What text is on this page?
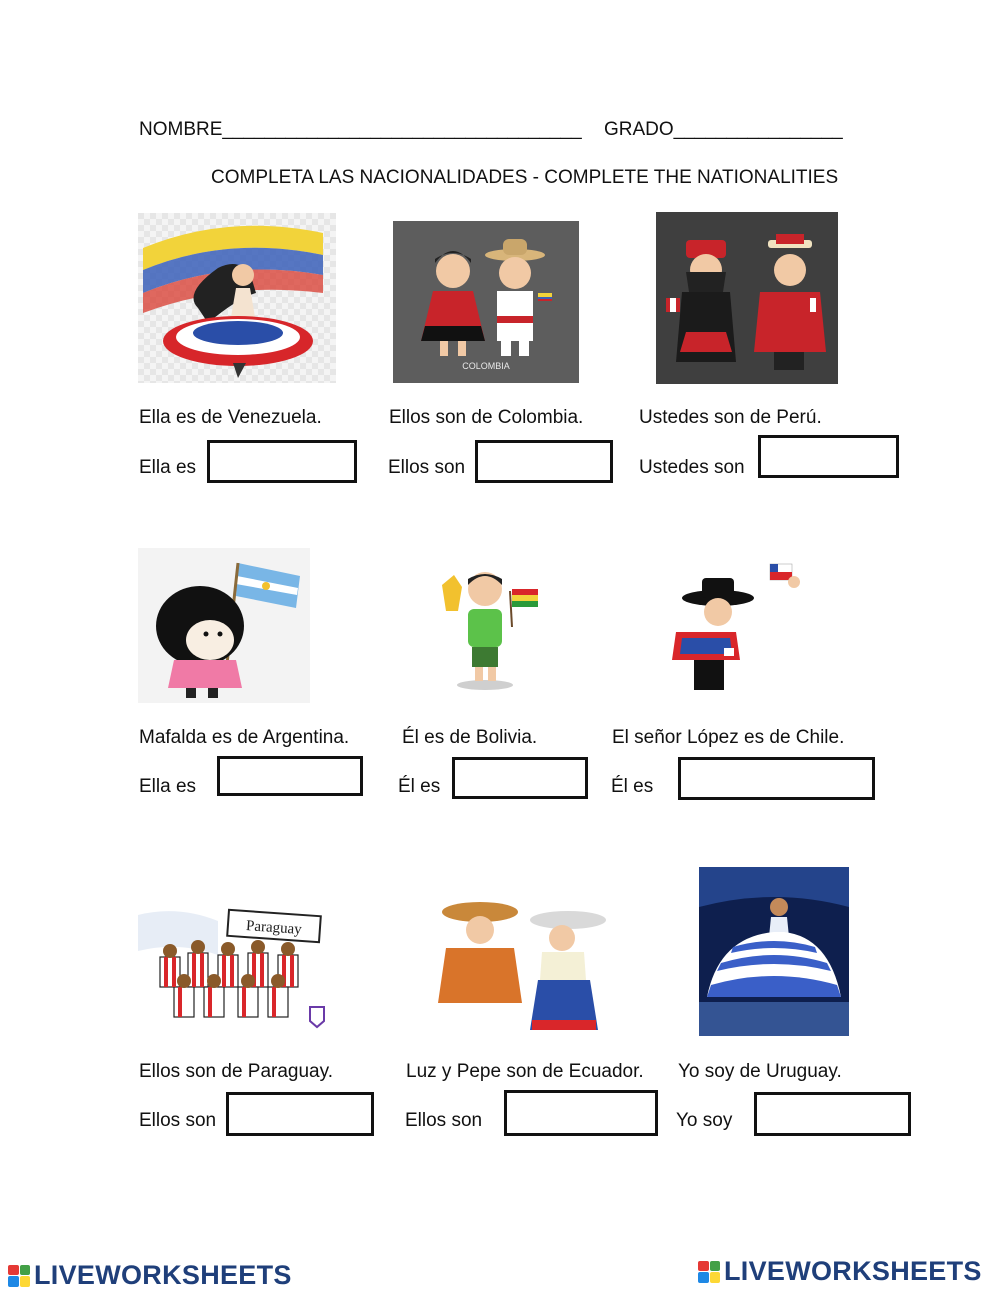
NOMBRE__________________________________ GRADO________________
COMPLETA LAS NACIONALIDADES - COMPLETE THE NATIONALITIES
COLOMBIA
Ella es de Venezuela.	Ellos son de Colombia.	Ustedes son de Perú.
Ella es	Ellos son	Ustedes son
Mafalda es de Argentina.	Él es de Bolivia.	El señor López es de Chile.
Ella es	Él es	Él es
Paraguay
Ellos son de Paraguay.	Luz y Pepe son de Ecuador. Yo soy de Uruguay.
Ellos son	Ellos son	Yo soy
LIVEWORKSHEETS	LIVEWORKSHEETS
